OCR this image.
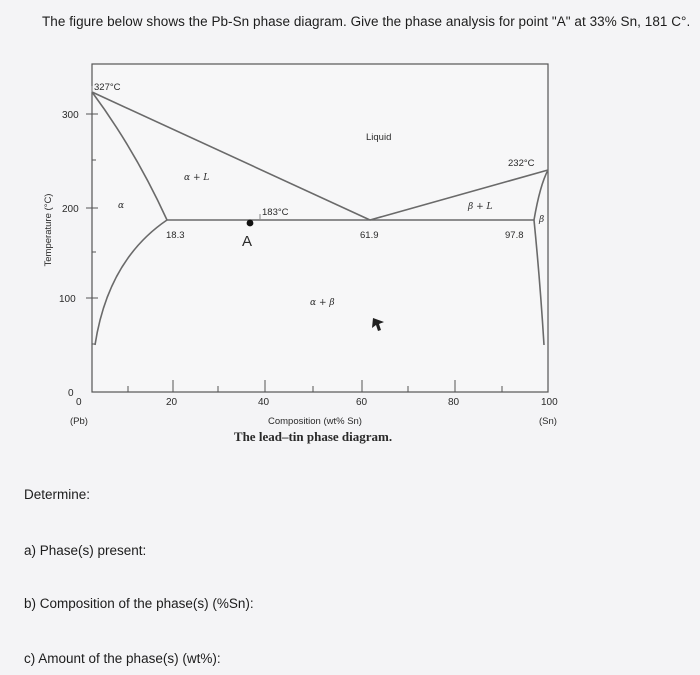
The figure below shows the Pb-Sn phase diagram. Give the phase analysis for point "A" at 33% Sn, 181 C°.
Temperature (°C)
300
200
100
0
0	20	40	60	80	100
(Pb)	(Sn)
Composition (wt% Sn)
The lead–tin phase diagram.
327°C
232°C
183°C
18.3	61.9	97.8
A
Liquid
α
α + L
β + L
α + β
β
Determine:
a) Phase(s) present:
b) Composition of the phase(s) (%Sn):
c) Amount of the phase(s) (wt%):
